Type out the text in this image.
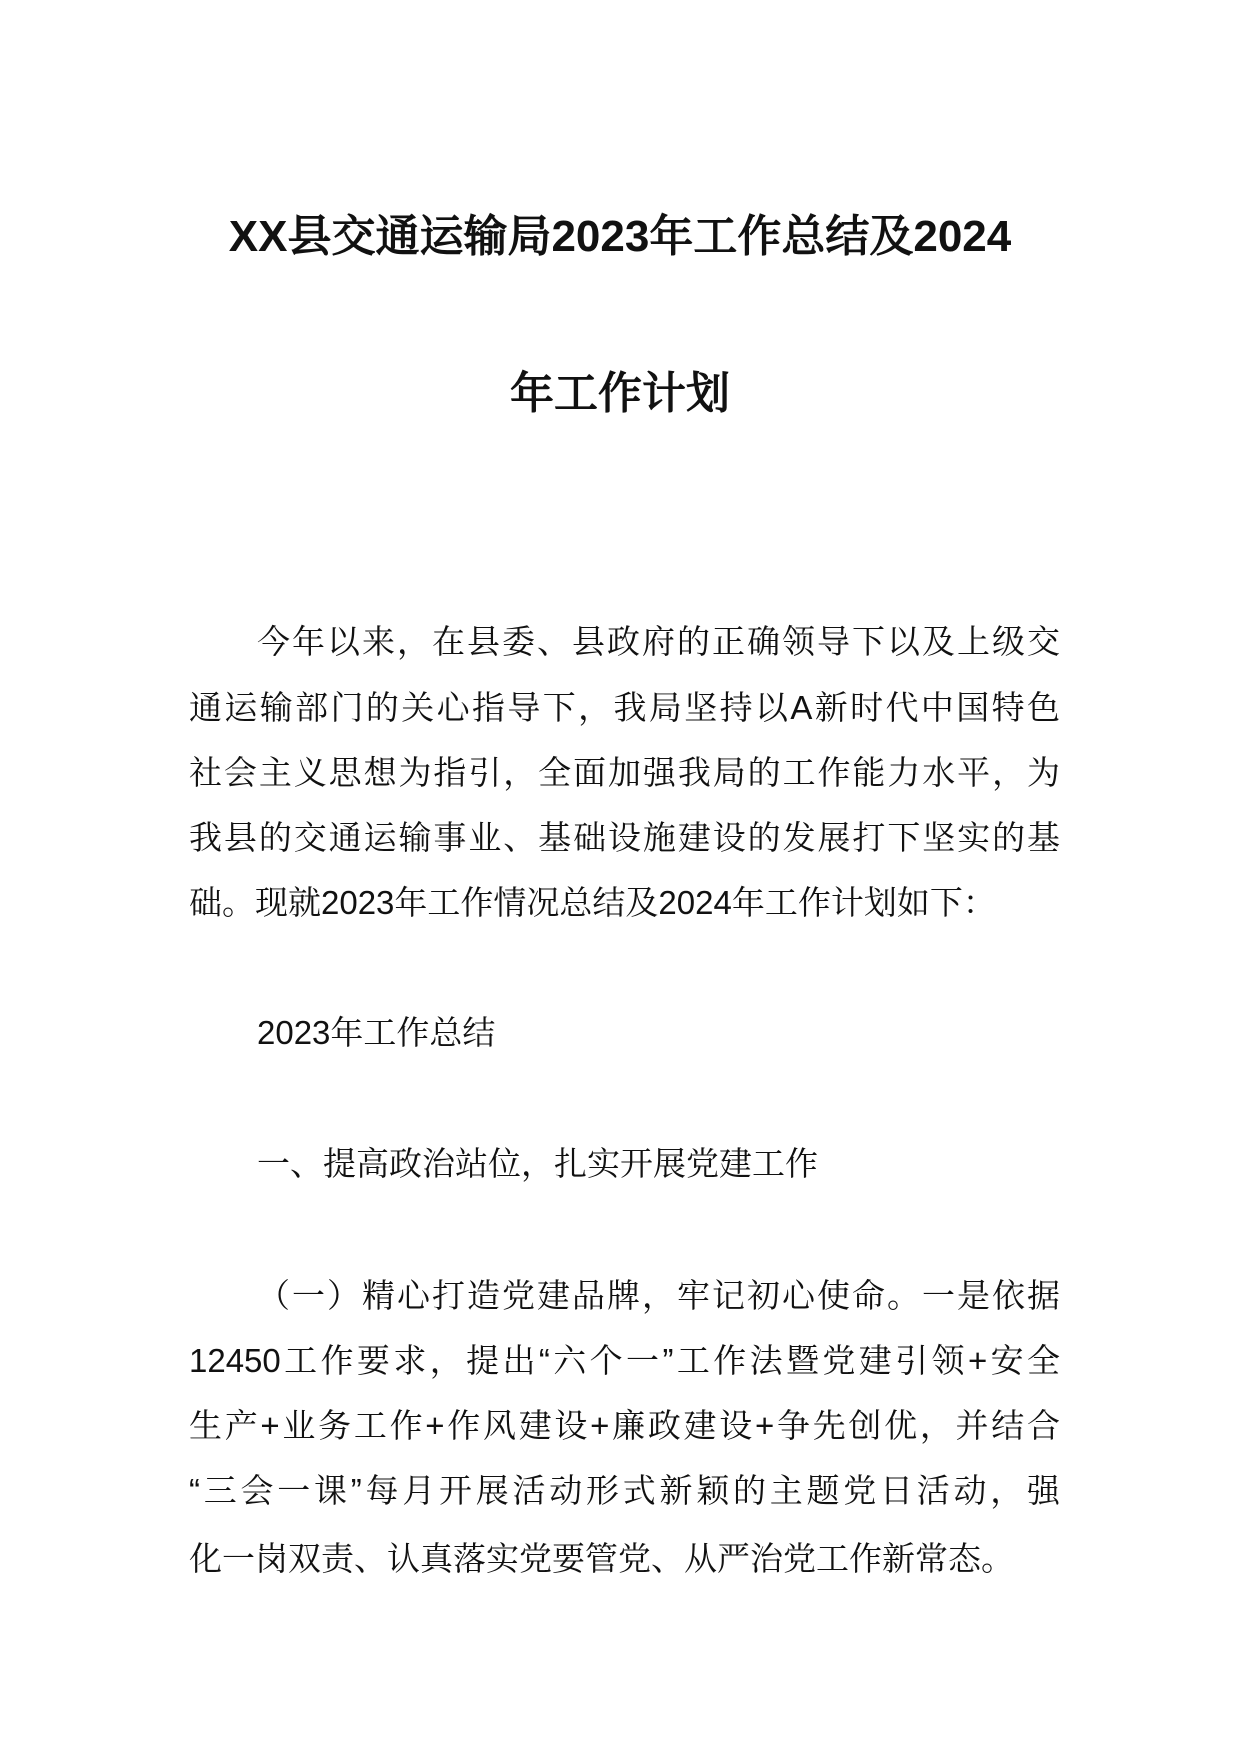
XX县交通运输局2023年工作总结及2024
年工作计划
今年以来，在县委、县政府的正确领导下以及上级交
通运输部门的关心指导下，我局坚持以A新时代中国特色
社会主义思想为指引，全面加强我局的工作能力水平，为
我县的交通运输事业、基础设施建设的发展打下坚实的基
础。现就2023年工作情况总结及2024年工作计划如下：
2023年工作总结
一、提高政治站位，扎实开展党建工作
（一）精心打造党建品牌，牢记初心使命。一是依据
12450工作要求，提出“六个一”工作法暨党建引领+安全
生产+业务工作+作风建设+廉政建设+争先创优，并结合
“三会一课”每月开展活动形式新颖的主题党日活动，强
化一岗双责、认真落实党要管党、从严治党工作新常态。
